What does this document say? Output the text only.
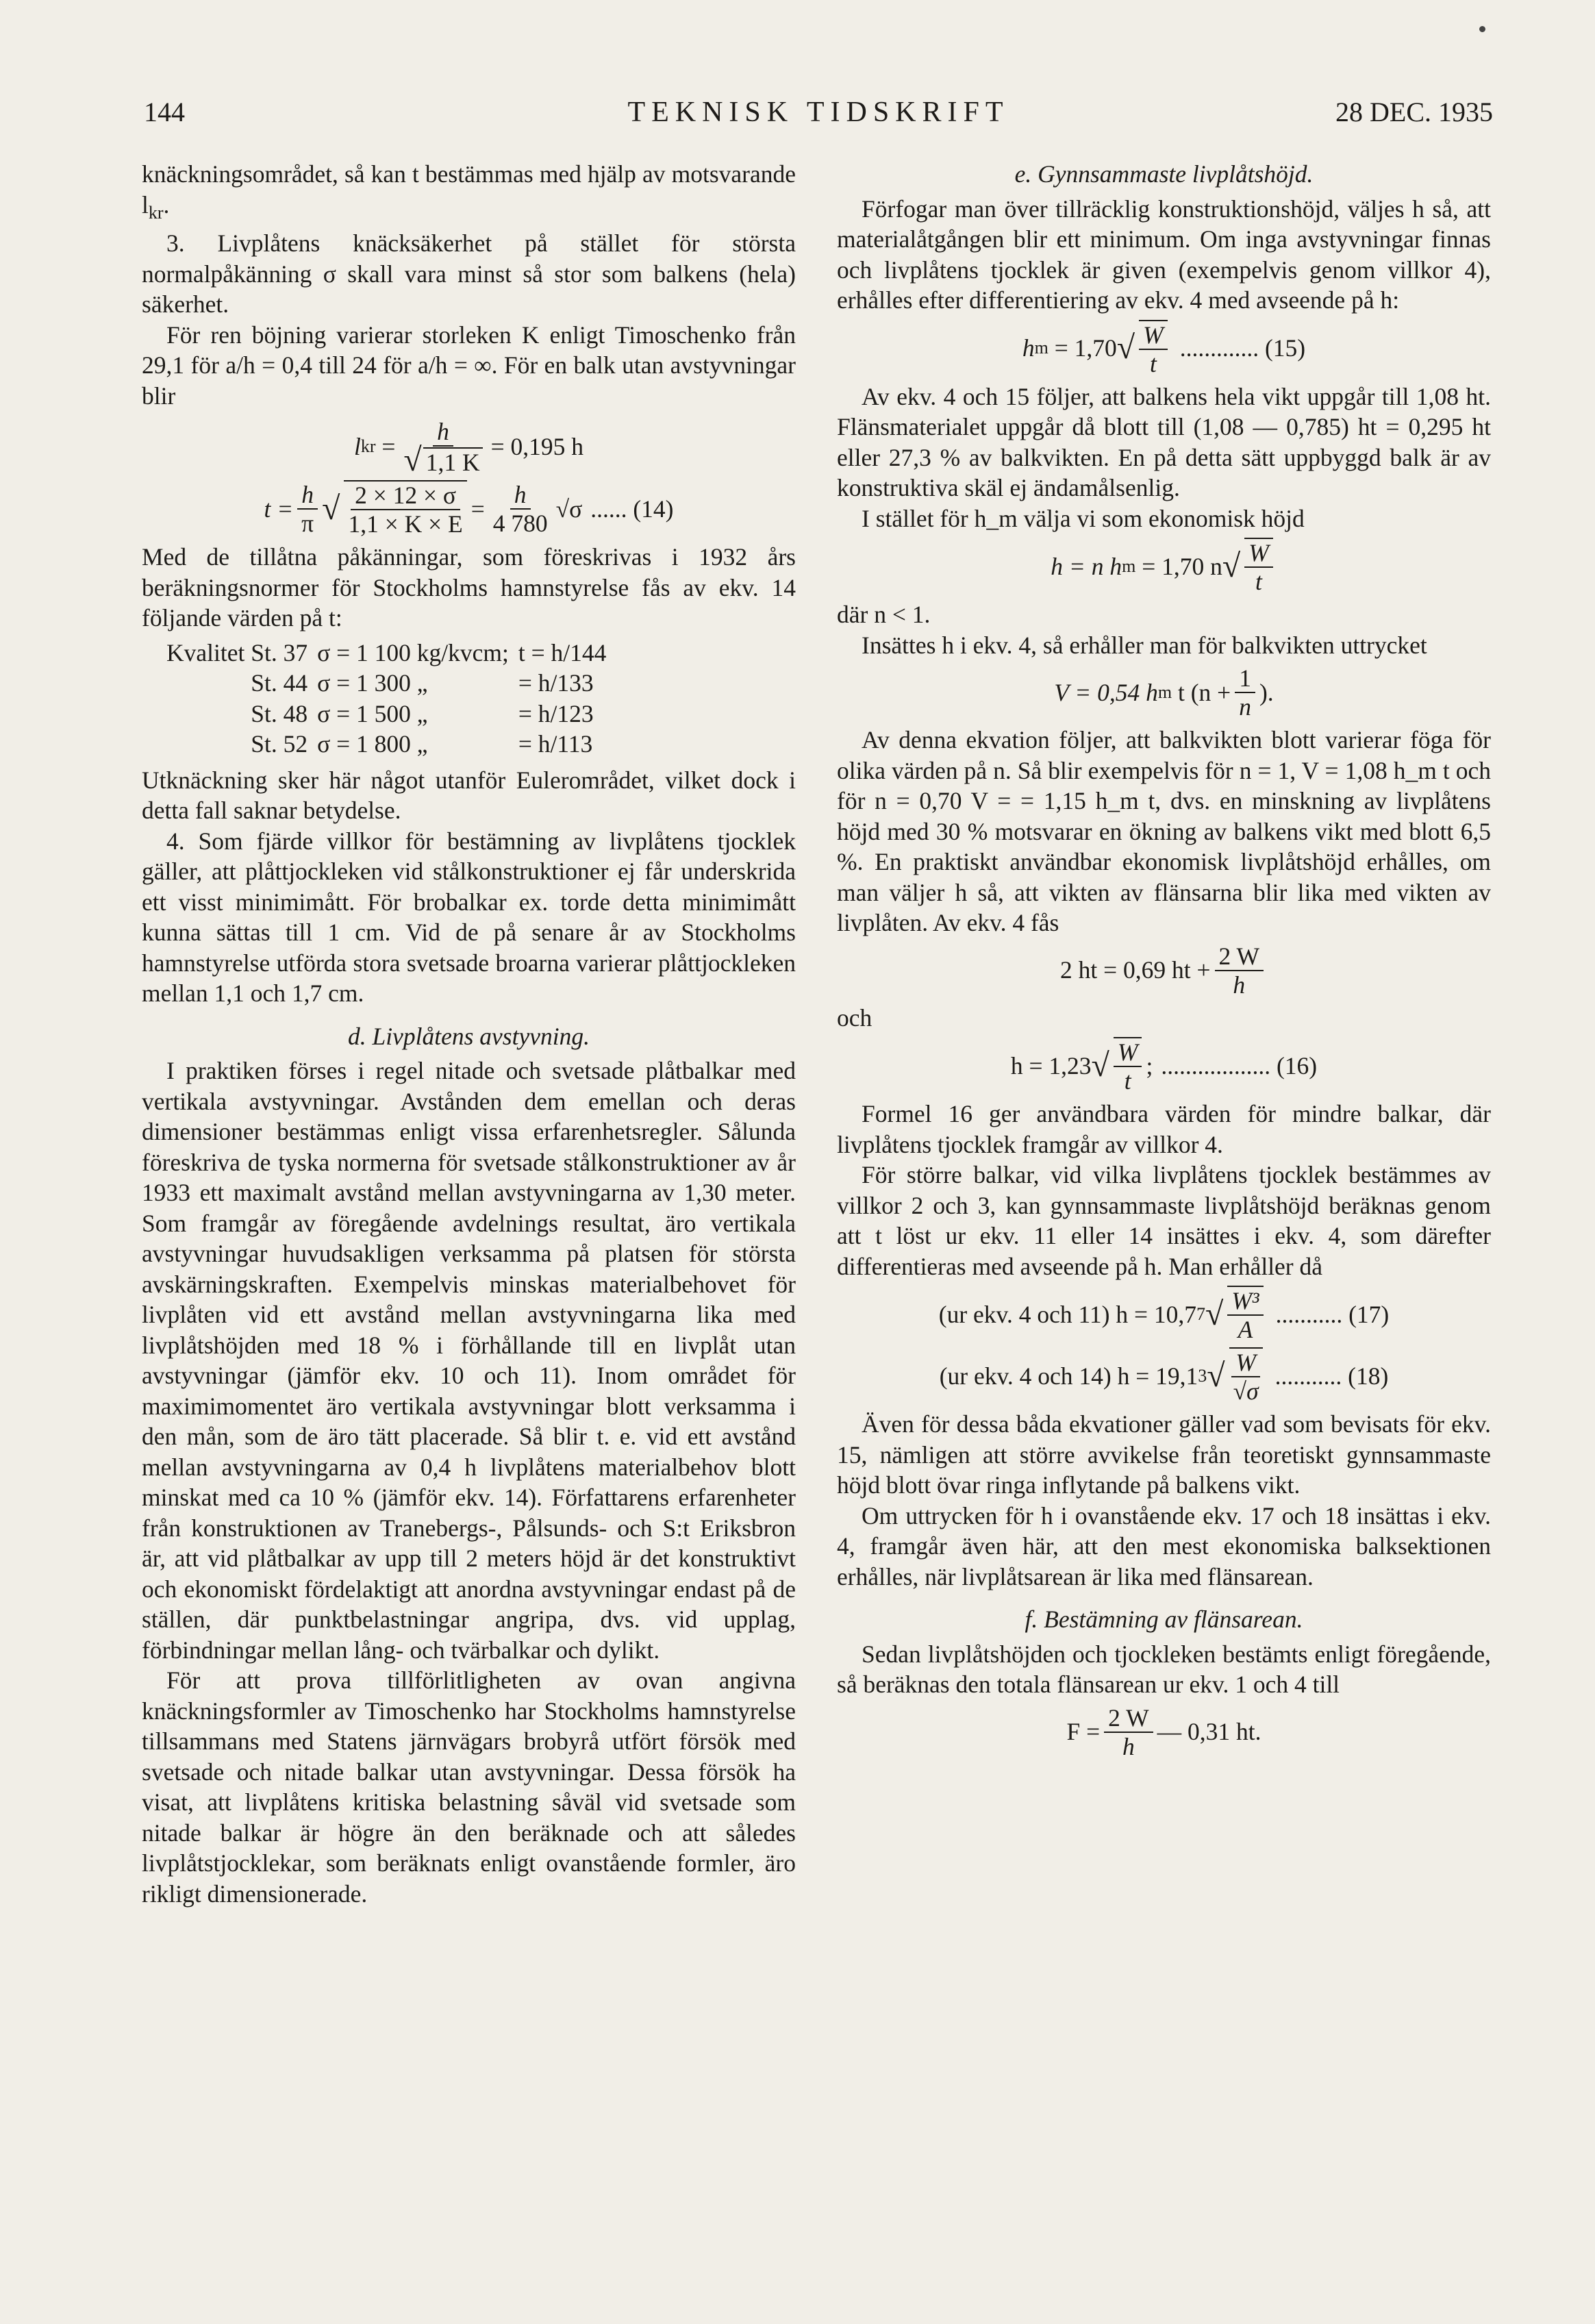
144	TEKNISK TIDSKRIFT	28 DEC. 1935

knäckningsområdet, så kan t bestämmas med hjälp av motsvarande $l_{kr}$.

3. Livplåtens knäcksäkerhet på stället för största normalpåkänning σ skall vara minst så stor som balkens (hela) säkerhet.

För ren böjning varierar storleken K enligt Timoschenko från 29,1 för a/h = 0,4 till 24 för a/h = ∞. För en balk utan avstyvningar blir

l kr = $\frac{h}{√ 1,1 K} = 0,195$ h
$t = \frac{h}{\pi}$ √ $\frac{2 \times 12 \times \sigma}{1,1 \times K \times E} = \frac{h}{4 780} √\sigma$ ...... (14)

Med de tillåtna påkänningar, som föreskrivas i 1932 års beräkningsnormer för Stockholms hamnstyrelse fås av ekv. 14 följande värden på t:

Kvalitet St. 37	σ = 1 100 kg/kvcm;	t = h/144
St. 44	σ = 1 300 „	= h/133
St. 48	σ = 1 500 „	= h/123
St. 52	σ = 1 800 „	= h/113

Utknäckning sker här något utanför Eulerområdet, vilket dock i detta fall saknar betydelse.

4. Som fjärde villkor för bestämning av livplåtens tjocklek gäller, att plåttjockleken vid stålkonstruktioner ej får underskrida ett visst minimimått. För brobalkar ex. torde detta minimimått kunna sättas till 1 cm. Vid de på senare år av Stockholms hamnstyrelse utförda stora svetsade broarna varierar plåttjockleken mellan 1,1 och 1,7 cm.

d. Livplåtens avstyvning.

I praktiken förses i regel nitade och svetsade plåtbalkar med vertikala avstyvningar. Avstånden dem emellan och deras dimensioner bestämmas enligt vissa erfarenhetsregler. Sålunda föreskriva de tyska normerna för svetsade stålkonstruktioner av år 1933 ett maximalt avstånd mellan avstyvningarna av 1,30 meter. Som framgår av föregående avdelnings resultat, äro vertikala avstyvningar huvudsakligen verksamma på platsen för största avskärningskraften. Exempelvis minskas materialbehovet för livplåten vid ett avstånd mellan avstyvningarna lika med livplåtshöjden med 18 % i förhållande till en livplåt utan avstyvningar (jämför ekv. 10 och 11). Inom området för maximimomentet äro vertikala avstyvningar blott verksamma i den mån, som de äro tätt placerade. Så blir t. e. vid ett avstånd mellan avstyvningarna av 0,4 h livplåtens materialbehov blott minskat med ca 10 % (jämför ekv. 14). Författarens erfarenheter från konstruktionen av Tranebergs-, Pålsunds- och S:t Eriksbron är, att vid plåtbalkar av upp till 2 meters höjd är det konstruktivt och ekonomiskt fördelaktigt att anordna avstyvningar endast på de ställen, där punktbelastningar angripa, dvs. vid upplag, förbindningar mellan lång- och tvärbalkar och dylikt.

För att prova tillförlitligheten av ovan angivna knäckningsformler av Timoschenko har Stockholms hamnstyrelse tillsammans med Statens järnvägars brobyrå utfört försök med svetsade och nitade balkar utan avstyvningar. Dessa försök ha visat, att livplåtens kritiska belastning såväl vid svetsade som nitade balkar är högre än den beräknade och att således livplåtstjocklekar, som beräknats enligt ovanstående formler, äro rikligt dimensionerade.

e. Gynnsammaste livplåtshöjd.

Förfogar man över tillräcklig konstruktionshöjd, väljes h så, att materialåtgången blir ett minimum. Om inga avstyvningar finnas och livplåtens tjocklek är given (exempelvis genom villkor 4), erhålles efter differentiering av ekv. 4 med avseende på h:

h m
= 1,70 √ $\frac{W}{t}$ ............. (15)

Av ekv. 4 och 15 följer, att balkens hela vikt uppgår till 1,08 ht. Flänsmaterialet uppgår då blott till (1,08 — 0,785) ht = 0,295 ht eller 27,3 % av balkvikten. En på detta sätt uppbyggd balk är av konstruktiva skäl ej ändamålsenlig.

I stället för h_m välja vi som ekonomisk höjd

h = n h m
= 1,70 n √ $\frac{W}{t}$

där n < 1.

Insättes h i ekv. 4, så erhåller man för balkvikten uttrycket

V = 0,54 h m
t ($n + \frac{1}{n}$ ).

Av denna ekvation följer, att balkvikten blott varierar föga för olika värden på n. Så blir exempelvis för n = 1, V = 1,08 h_m t och för n = 0,70 V = = 1,15 h_m t, dvs. en minskning av livplåtens höjd med 30 % motsvarar en ökning av balkens vikt med blott 6,5 %. En praktiskt användbar ekonomisk livplåtshöjd erhålles, om man väljer h så, att vikten av flänsarna blir lika med vikten av livplåten. Av ekv. 4 fås

2 ht = 0,69 ht + $\frac{2 W}{h}$

och

h = 1,23 √ $\frac{W}{t}$ ; .................. (16)

Formel 16 ger användbara värden för mindre balkar, där livplåtens tjocklek framgår av villkor 4.

För större balkar, vid vilka livplåtens tjocklek bestämmes av villkor 2 och 3, kan gynnsammaste livplåtshöjd beräknas genom att t löst ur ekv. 11 eller 14 insättes i ekv. 4, som därefter differentieras med avseende på h. Man erhåller då

(ur ekv. 4 och 11)
h = 10,7 7 √ $\frac{\text{W³}}{A}$ ........... (17)
(ur ekv. 4 och 14)
h = 19,1 3 √ $\frac{W}{√\sigma}$ ........... (18)

Även för dessa båda ekvationer gäller vad som bevisats för ekv. 15, nämligen att större avvikelse från teoretiskt gynnsammaste höjd blott övar ringa inflytande på balkens vikt.

Om uttrycken för h i ovanstående ekv. 17 och 18 insättas i ekv. 4, framgår även här, att den mest ekonomiska balksektionen erhålles, när livplåtsarean är lika med flänsarean.

f. Bestämning av flänsarean.

Sedan livplåtshöjden och tjockleken bestämts enligt föregående, så beräknas den totala flänsarean ur ekv. 1 och 4 till

$F = \frac{2 W}{h}$ — 0,31 ht.
